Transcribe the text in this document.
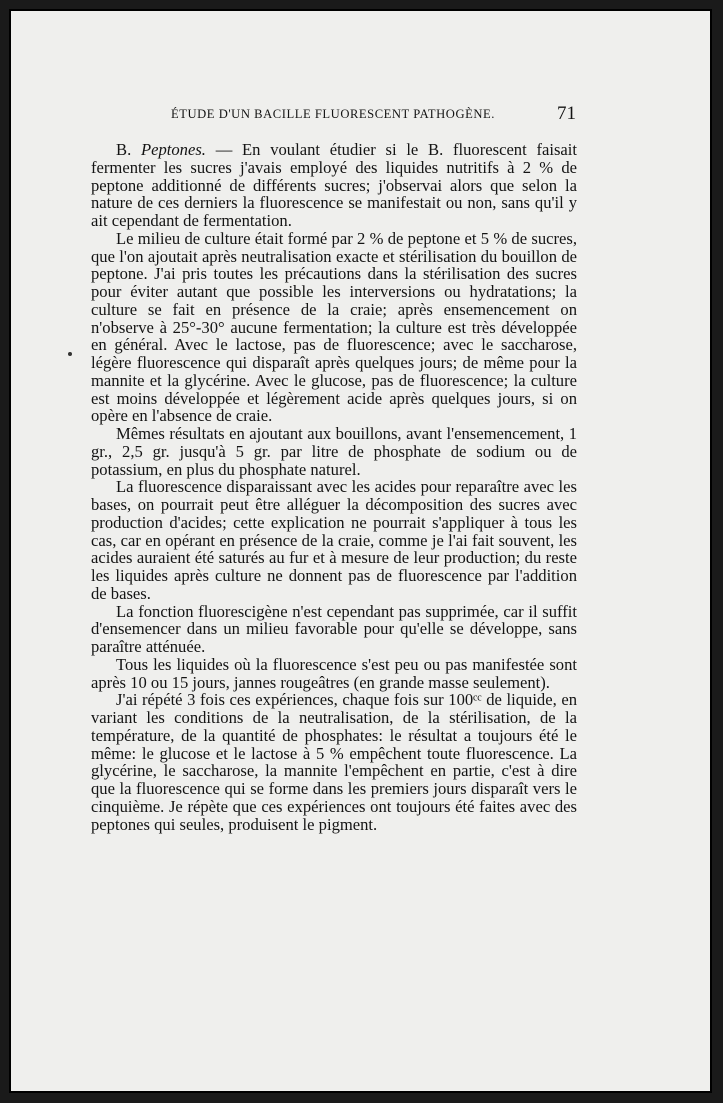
ÉTUDE D'UN BACILLE FLUORESCENT PATHOGÈNE.	71

B. Peptones. — En voulant étudier si le B. fluorescent faisait fermenter les sucres j'avais employé des liquides nutritifs à 2 % de peptone additionné de différents sucres; j'observai alors que selon la nature de ces derniers la fluorescence se manifestait ou non, sans qu'il y ait cependant de fermentation.

Le milieu de culture était formé par 2 % de peptone et 5 % de sucres, que l'on ajoutait après neutralisation exacte et stérilisation du bouillon de peptone. J'ai pris toutes les précautions dans la stérilisation des sucres pour éviter autant que possible les interversions ou hydratations; la culture se fait en présence de la craie; après ensemencement on n'observe à 25°-30° aucune fermentation; la culture est très développée en général. Avec le lactose, pas de fluorescence; avec le saccharose, légère fluorescence qui disparaît après quelques jours; de même pour la mannite et la glycérine. Avec le glucose, pas de fluorescence; la culture est moins développée et légèrement acide après quelques jours, si on opère en l'absence de craie.

Mêmes résultats en ajoutant aux bouillons, avant l'ensemencement, 1 gr., 2,5 gr. jusqu'à 5 gr. par litre de phosphate de sodium ou de potassium, en plus du phosphate naturel.

La fluorescence disparaissant avec les acides pour reparaître avec les bases, on pourrait peut être alléguer la décomposition des sucres avec production d'acides; cette explication ne pourrait s'appliquer à tous les cas, car en opérant en présence de la craie, comme je l'ai fait souvent, les acides auraient été saturés au fur et à mesure de leur production; du reste les liquides après culture ne donnent pas de fluorescence par l'addition de bases.

La fonction fluorescigène n'est cependant pas supprimée, car il suffit d'ensemencer dans un milieu favorable pour qu'elle se développe, sans paraître atténuée.

Tous les liquides où la fluorescence s'est peu ou pas manifestée sont après 10 ou 15 jours, jannes rougeâtres (en grande masse seulement).

J'ai répété 3 fois ces expériences, chaque fois sur 100ᶜᶜ de liquide, en variant les conditions de la neutralisation, de la stérilisation, de la température, de la quantité de phosphates: le résultat a toujours été le même: le glucose et le lactose à 5 % empêchent toute fluorescence. La glycérine, le saccharose, la mannite l'empêchent en partie, c'est à dire que la fluorescence qui se forme dans les premiers jours disparaît vers le cinquième. Je répète que ces expériences ont toujours été faites avec des peptones qui seules, produisent le pigment.
